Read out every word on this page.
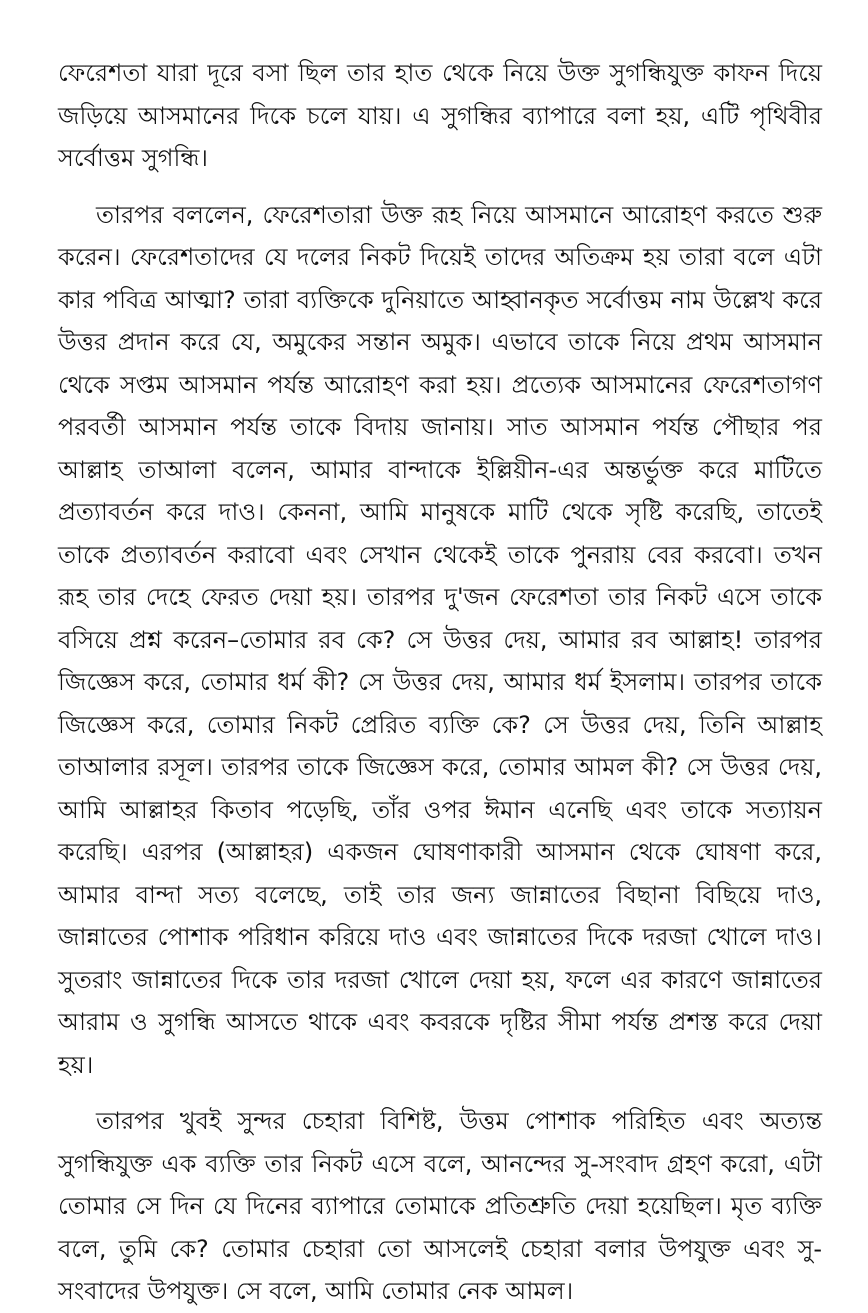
ফেরেশতা যারা দূরে বসা ছিল তার হাত থেকে নিয়ে উক্ত সুগন্ধিযুক্ত কাফন দিয়ে জড়িয়ে আসমানের দিকে চলে যায়। এ সুগন্ধির ব্যাপারে বলা হয়, এটি পৃথিবীর সর্বোত্তম সুগন্ধি।

তারপর বললেন, ফেরেশতারা উক্ত রূহ নিয়ে আসমানে আরোহণ করতে শুরু করেন। ফেরেশতাদের যে দলের নিকট দিয়েই তাদের অতিক্রম হয় তারা বলে এটা কার পবিত্র আত্মা? তারা ব্যক্তিকে দুনিয়াতে আহ্বানকৃত সর্বোত্তম নাম উল্লেখ করে উত্তর প্রদান করে যে, অমুকের সন্তান অমুক। এভাবে তাকে নিয়ে প্রথম আসমান থেকে সপ্তম আসমান পর্যন্ত আরোহণ করা হয়। প্রত্যেক আসমানের ফেরেশতাগণ পরবর্তী আসমান পর্যন্ত তাকে বিদায় জানায়। সাত আসমান পর্যন্ত পৌছার পর আল্লাহ তাআলা বলেন, আমার বান্দাকে ইল্লিয়ীন-এর অন্তর্ভুক্ত করে মাটিতে প্রত্যাবর্তন করে দাও। কেননা, আমি মানুষকে মাটি থেকে সৃষ্টি করেছি, তাতেই তাকে প্রত্যাবর্তন করাবো এবং সেখান থেকেই তাকে পুনরায় বের করবো। তখন রূহ তার দেহে ফেরত দেয়া হয়। তারপর দু'জন ফেরেশতা তার নিকট এসে তাকে বসিয়ে প্রশ্ন করেন–তোমার রব কে? সে উত্তর দেয়, আমার রব আল্লাহ! তারপর জিজ্ঞেস করে, তোমার ধর্ম কী? সে উত্তর দেয়, আমার ধর্ম ইসলাম। তারপর তাকে জিজ্ঞেস করে, তোমার নিকট প্রেরিত ব্যক্তি কে? সে উত্তর দেয়, তিনি আল্লাহ তাআলার রসূল। তারপর তাকে জিজ্ঞেস করে, তোমার আমল কী? সে উত্তর দেয়, আমি আল্লাহর কিতাব পড়েছি, তাঁর ওপর ঈমান এনেছি এবং তাকে সত্যায়ন করেছি। এরপর (আল্লাহর) একজন ঘোষণাকারী আসমান থেকে ঘোষণা করে, আমার বান্দা সত্য বলেছে, তাই তার জন্য জান্নাতের বিছানা বিছিয়ে দাও, জান্নাতের পোশাক পরিধান করিয়ে দাও এবং জান্নাতের দিকে দরজা খোলে দাও। সুতরাং জান্নাতের দিকে তার দরজা খোলে দেয়া হয়, ফলে এর কারণে জান্নাতের আরাম ও সুগন্ধি আসতে থাকে এবং কবরকে দৃষ্টির সীমা পর্যন্ত প্রশস্ত করে দেয়া হয়।

তারপর খুবই সুন্দর চেহারা বিশিষ্ট, উত্তম পোশাক পরিহিত এবং অত্যন্ত সুগন্ধিযুক্ত এক ব্যক্তি তার নিকট এসে বলে, আনন্দের সু-সংবাদ গ্রহণ করো, এটা তোমার সে দিন যে দিনের ব্যাপারে তোমাকে প্রতিশ্রুতি দেয়া হয়েছিল। মৃত ব্যক্তি বলে, তুমি কে? তোমার চেহারা তো আসলেই চেহারা বলার উপযুক্ত এবং সু-সংবাদের উপযুক্ত। সে বলে, আমি তোমার নেক আমল।
